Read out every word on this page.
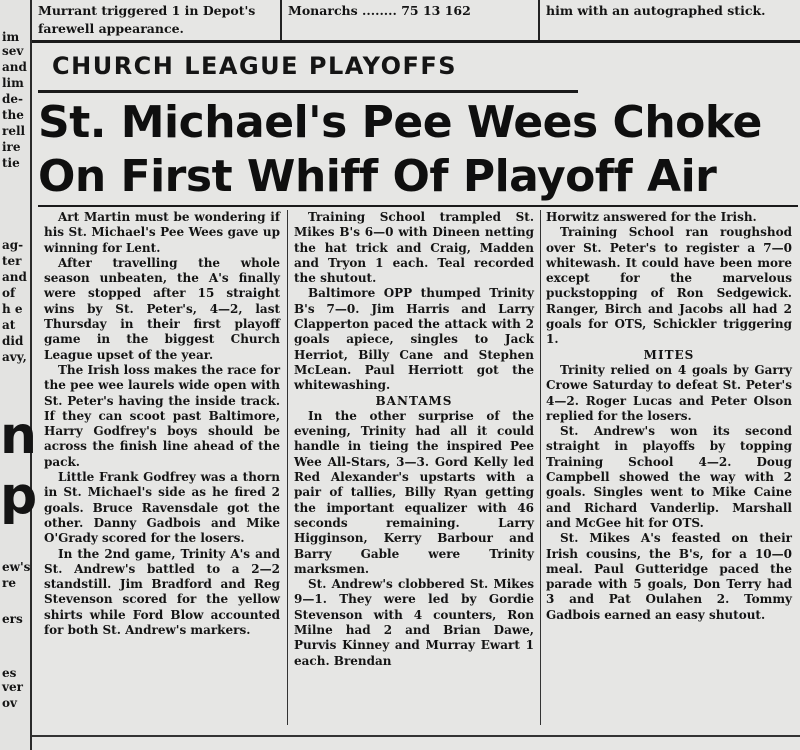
im
sev
and
lim
de-
the
rell
ire
tie
ag-
ter
and
of
h e
at
did
avy,
n
p
ew's
re
ers
es
ver
ov
Murrant triggered 1 in Depot's
farewell appearance.
Monarchs ........ 75 13 162	him with an autographed stick.
CHURCH LEAGUE PLAYOFFS
St. Michael's Pee Wees Choke
On First Whiff Of Playoff Air

Art Martin must be wondering if his St. Michael's Pee Wees gave up winning for Lent.

After travelling the whole season unbeaten, the A's finally were stopped after 15 straight wins by St. Peter's, 4—2, last Thursday in their first playoff game in the biggest Church League upset of the year.

The Irish loss makes the race for the pee wee laurels wide open with St. Peter's having the inside track. If they can scoot past Baltimore, Harry Godfrey's boys should be across the finish line ahead of the pack.

Little Frank Godfrey was a thorn in St. Michael's side as he fired 2 goals. Bruce Ravensdale got the other. Danny Gadbois and Mike O'Grady scored for the losers.

In the 2nd game, Trinity A's and St. Andrew's battled to a 2—2 standstill. Jim Bradford and Reg Stevenson scored for the yellow shirts while Ford Blow accounted for both St. Andrew's markers.

Training School trampled St. Mikes B's 6—0 with Dineen netting the hat trick and Craig, Madden and Tryon 1 each. Teal recorded the shutout.

Baltimore OPP thumped Trinity B's 7—0. Jim Harris and Larry Clapperton paced the attack with 2 goals apiece, singles to Jack Herriot, Billy Cane and Stephen McLean. Paul Herriott got the whitewashing.

BANTAMS

In the other surprise of the evening, Trinity had all it could handle in tieing the inspired Pee Wee All-Stars, 3—3. Gord Kelly led Red Alexander's upstarts with a pair of tallies, Billy Ryan getting the important equalizer with 46 seconds remaining. Larry Higginson, Kerry Barbour and Barry Gable were Trinity marksmen.

St. Andrew's clobbered St. Mikes 9—1. They were led by Gordie Stevenson with 4 counters, Ron Milne had 2 and Brian Dawe, Purvis Kinney and Murray Ewart 1 each. Brendan

Horwitz answered for the Irish.

Training School ran roughshod over St. Peter's to register a 7—0 whitewash. It could have been more except for the marvelous puckstopping of Ron Sedgewick. Ranger, Birch and Jacobs all had 2 goals for OTS, Schickler triggering 1.

MITES

Trinity relied on 4 goals by Garry Crowe Saturday to defeat St. Peter's 4—2. Roger Lucas and Peter Olson replied for the losers.

St. Andrew's won its second straight in playoffs by topping Training School 4—2. Doug Campbell showed the way with 2 goals. Singles went to Mike Caine and Richard Vanderlip. Marshall and McGee hit for OTS.

St. Mikes A's feasted on their Irish cousins, the B's, for a 10—0 meal. Paul Gutteridge paced the parade with 5 goals, Don Terry had 3 and Pat Oulahen 2. Tommy Gadbois earned an easy shutout.
